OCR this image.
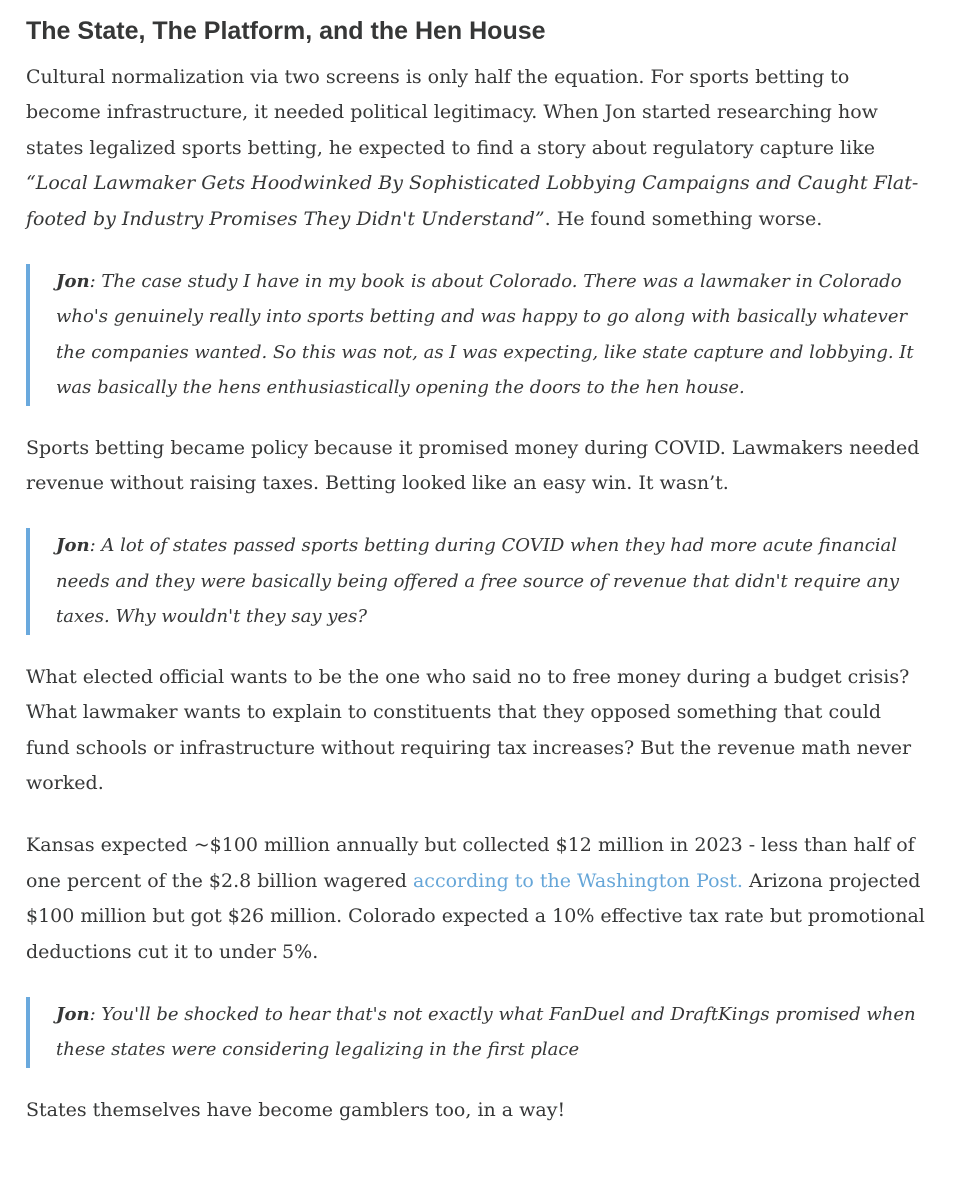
The State, The Platform, and the Hen House

Cultural normalization via two screens is only half the equation. For sports betting to become infrastructure, it needed political legitimacy. When Jon started researching how states legalized sports betting, he expected to find a story about regulatory capture like “Local Lawmaker Gets Hoodwinked By Sophisticated Lobbying Campaigns and Caught Flat-footed by Industry Promises They Didn't Understand”. He found something worse.

Jon: The case study I have in my book is about Colorado. There was a lawmaker in Colorado who's genuinely really into sports betting and was happy to go along with basically whatever the companies wanted. So this was not, as I was expecting, like state capture and lobbying. It was basically the hens enthusiastically opening the doors to the hen house.

Sports betting became policy because it promised money during COVID. Lawmakers needed revenue without raising taxes. Betting looked like an easy win. It wasn’t.

Jon: A lot of states passed sports betting during COVID when they had more acute financial needs and they were basically being offered a free source of revenue that didn't require any taxes. Why wouldn't they say yes?

What elected official wants to be the one who said no to free money during a budget crisis? What lawmaker wants to explain to constituents that they opposed something that could fund schools or infrastructure without requiring tax increases? But the revenue math never worked.

Kansas expected ~$100 million annually but collected $12 million in 2023 - less than half of one percent of the $2.8 billion wagered according to the Washington Post. Arizona projected $100 million but got $26 million. Colorado expected a 10% effective tax rate but promotional deductions cut it to under 5%.

Jon: You'll be shocked to hear that's not exactly what FanDuel and DraftKings promised when these states were considering legalizing in the first place

States themselves have become gamblers too, in a way!
